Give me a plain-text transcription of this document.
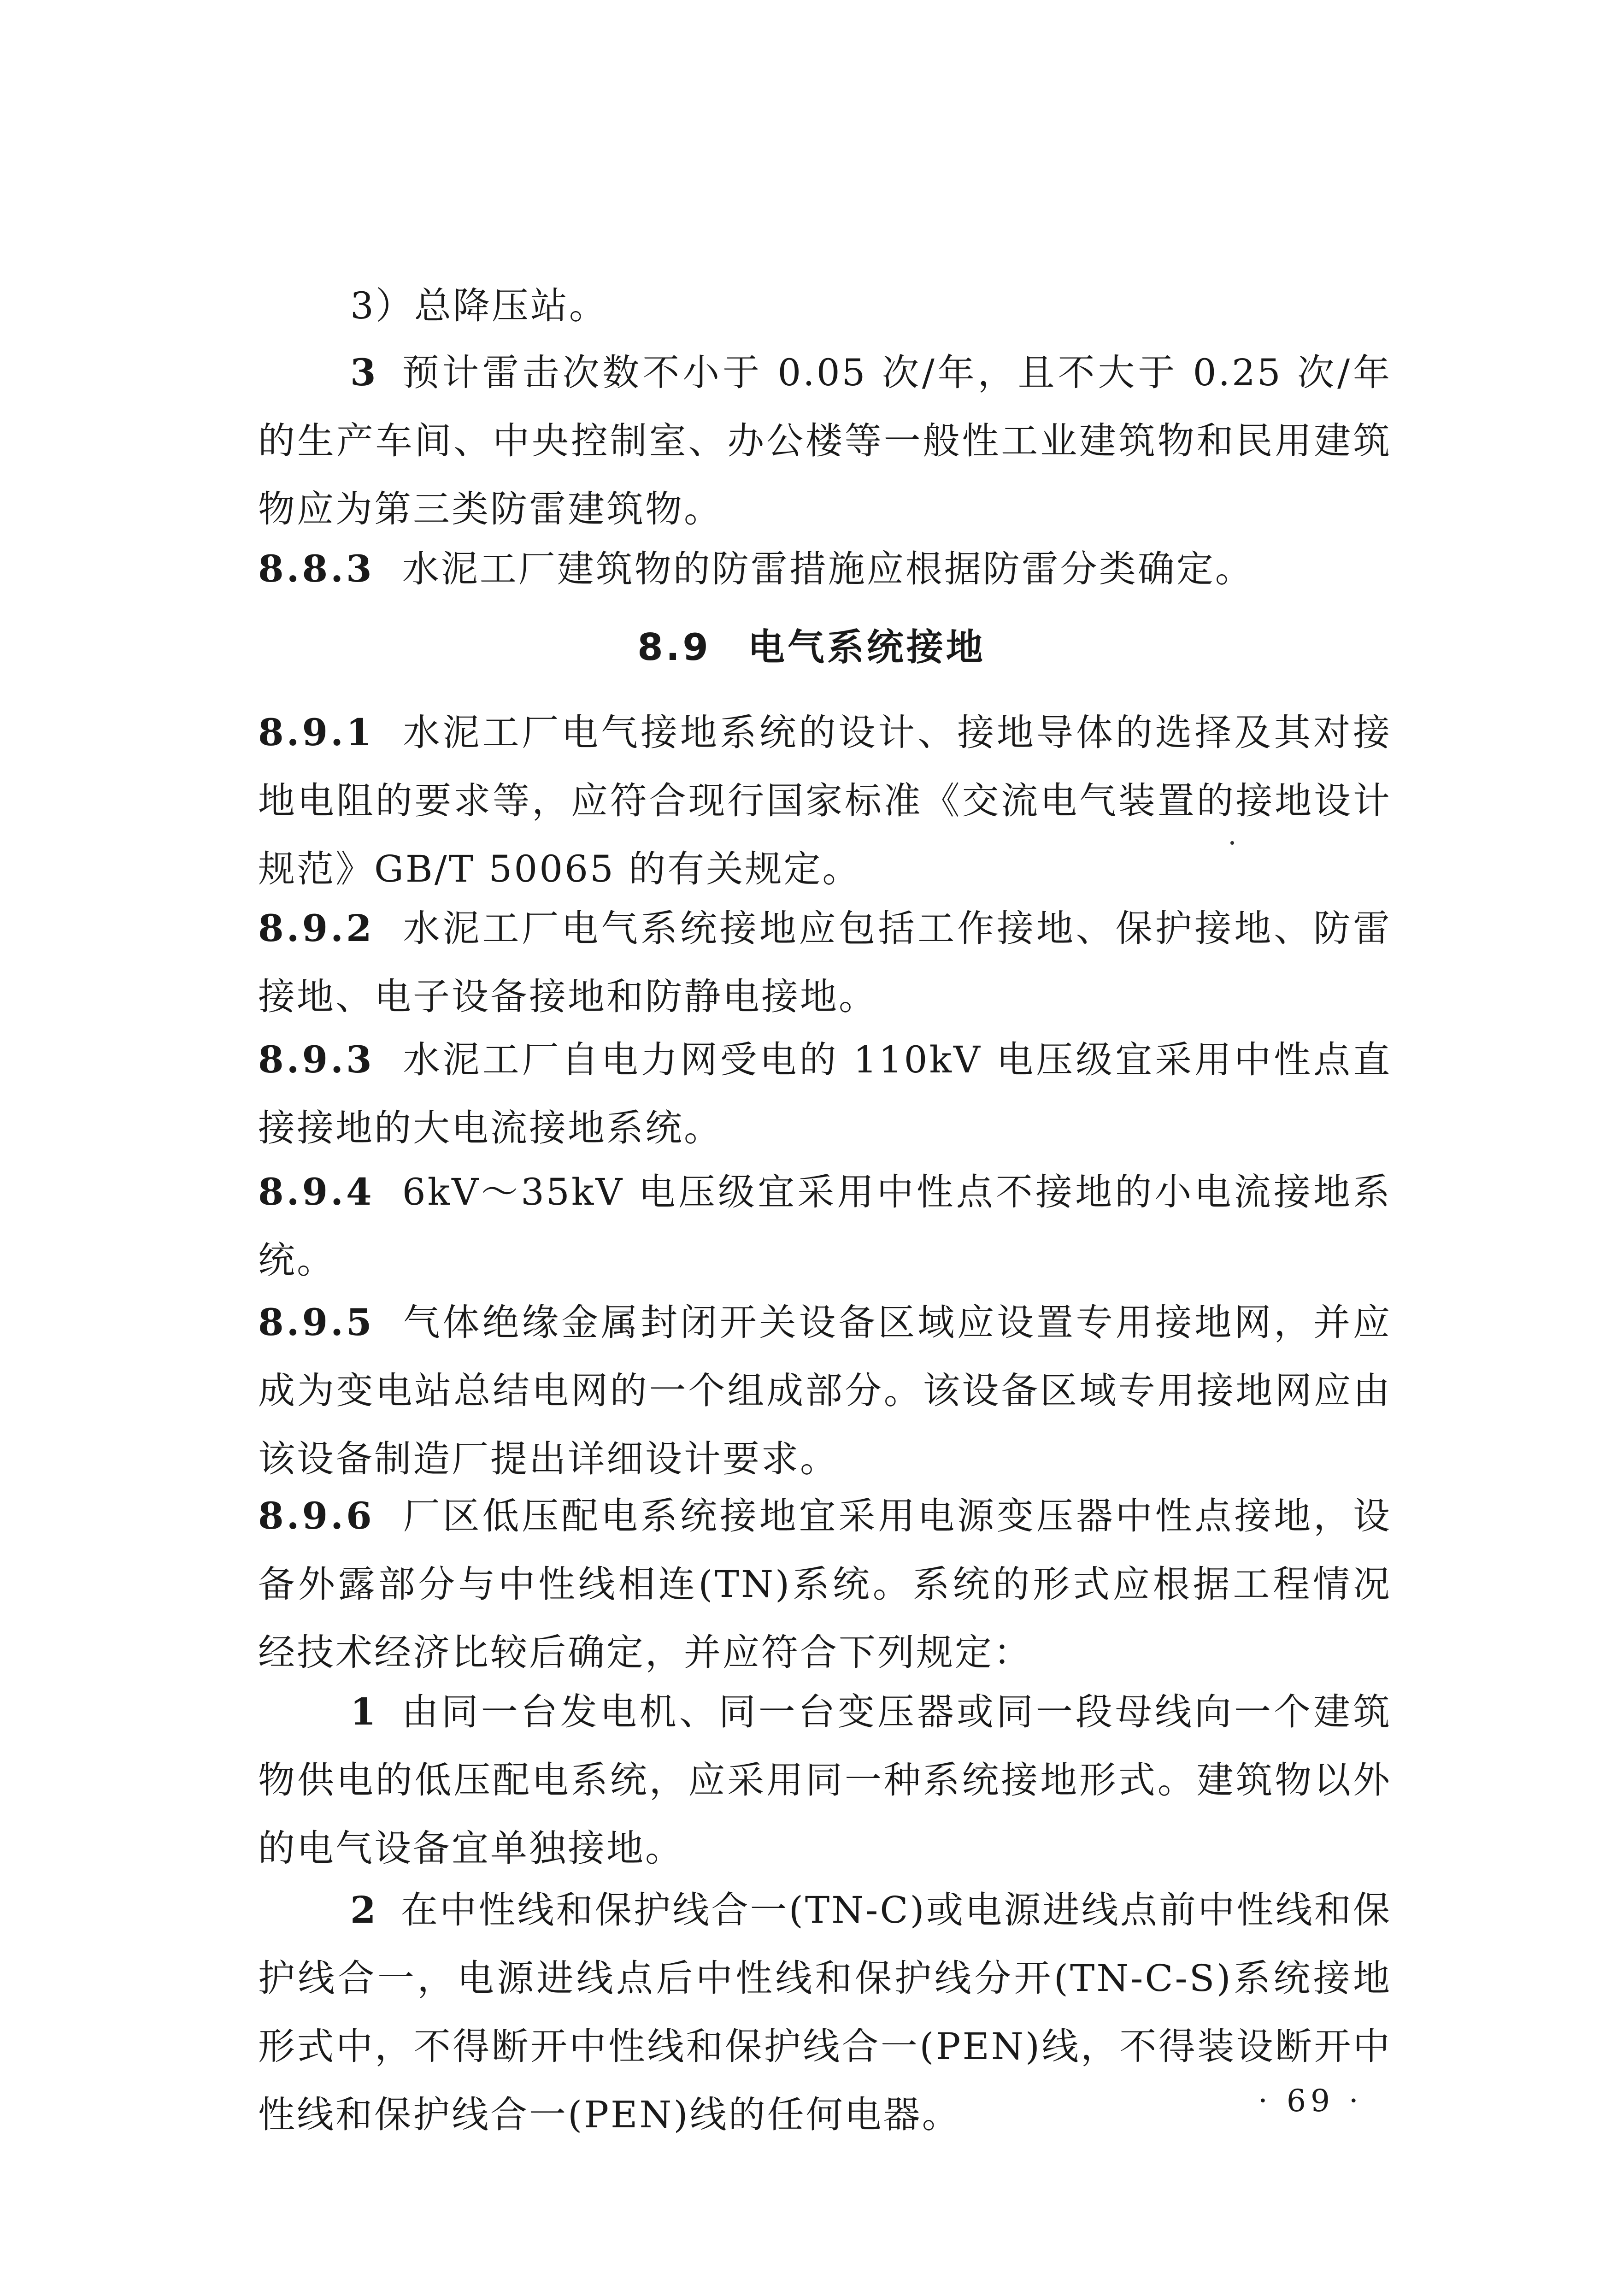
3）总降压站。
3 预计雷击次数不小于 0.05 次/年，且不大于 0.25 次/年的生产车间、中央控制室、办公楼等一般性工业建筑物和民用建筑物应为第三类防雷建筑物。
8.8.3 水泥工厂建筑物的防雷措施应根据防雷分类确定。
8.9 电气系统接地
8.9.1 水泥工厂电气接地系统的设计、接地导体的选择及其对接地电阻的要求等，应符合现行国家标准《交流电气装置的接地设计规范》GB/T 50065 的有关规定。
8.9.2 水泥工厂电气系统接地应包括工作接地、保护接地、防雷接地、电子设备接地和防静电接地。
8.9.3 水泥工厂自电力网受电的 110kV 电压级宜采用中性点直接接地的大电流接地系统。
8.9.4 6kV～35kV 电压级宜采用中性点不接地的小电流接地系统。
8.9.5 气体绝缘金属封闭开关设备区域应设置专用接地网，并应成为变电站总结电网的一个组成部分。该设备区域专用接地网应由该设备制造厂提出详细设计要求。
8.9.6 厂区低压配电系统接地宜采用电源变压器中性点接地，设备外露部分与中性线相连(TN)系统。系统的形式应根据工程情况经技术经济比较后确定，并应符合下列规定：
1 由同一台发电机、同一台变压器或同一段母线向一个建筑物供电的低压配电系统，应采用同一种系统接地形式。建筑物以外的电气设备宜单独接地。
2 在中性线和保护线合一(TN-C)或电源进线点前中性线和保护线合一，电源进线点后中性线和保护线分开(TN-C-S)系统接地形式中，不得断开中性线和保护线合一(PEN)线，不得装设断开中性线和保护线合一(PEN)线的任何电器。	· 69 ·
